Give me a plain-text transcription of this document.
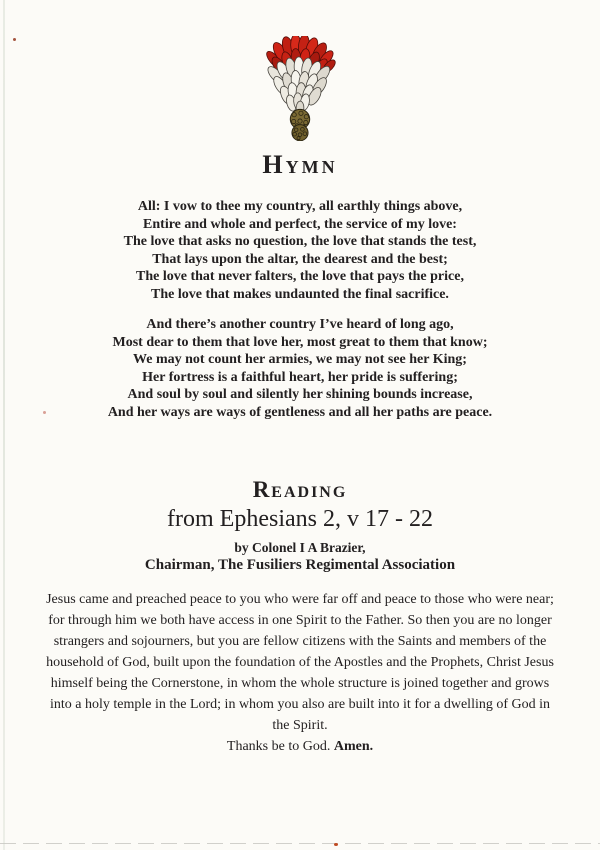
Hymn
All: I vow to thee my country, all earthly things above,
Entire and whole and perfect, the service of my love:
The love that asks no question, the love that stands the test,
That lays upon the altar, the dearest and the best;
The love that never falters, the love that pays the price,
The love that makes undaunted the final sacrifice.
And there’s another country I’ve heard of long ago,
Most dear to them that love her, most great to them that know;
We may not count her armies, we may not see her King;
Her fortress is a faithful heart, her pride is suffering;
And soul by soul and silently her shining bounds increase,
And her ways are ways of gentleness and all her paths are peace.
Reading
from Ephesians 2, v 17 - 22
by Colonel I A Brazier,
Chairman, The Fusiliers Regimental Association

Jesus came and preached peace to you who were far off and peace to those who were near; for through him we both have access in one Spirit to the Father. So then you are no longer strangers and sojourners, but you are fellow citizens with the Saints and members of the household of God, built upon the foundation of the Apostles and the Prophets, Christ Jesus himself being the Cornerstone, in whom the whole structure is joined together and grows into a holy temple in the Lord; in whom you also are built into it for a dwelling of God in the Spirit.

Thanks be to God. Amen.
